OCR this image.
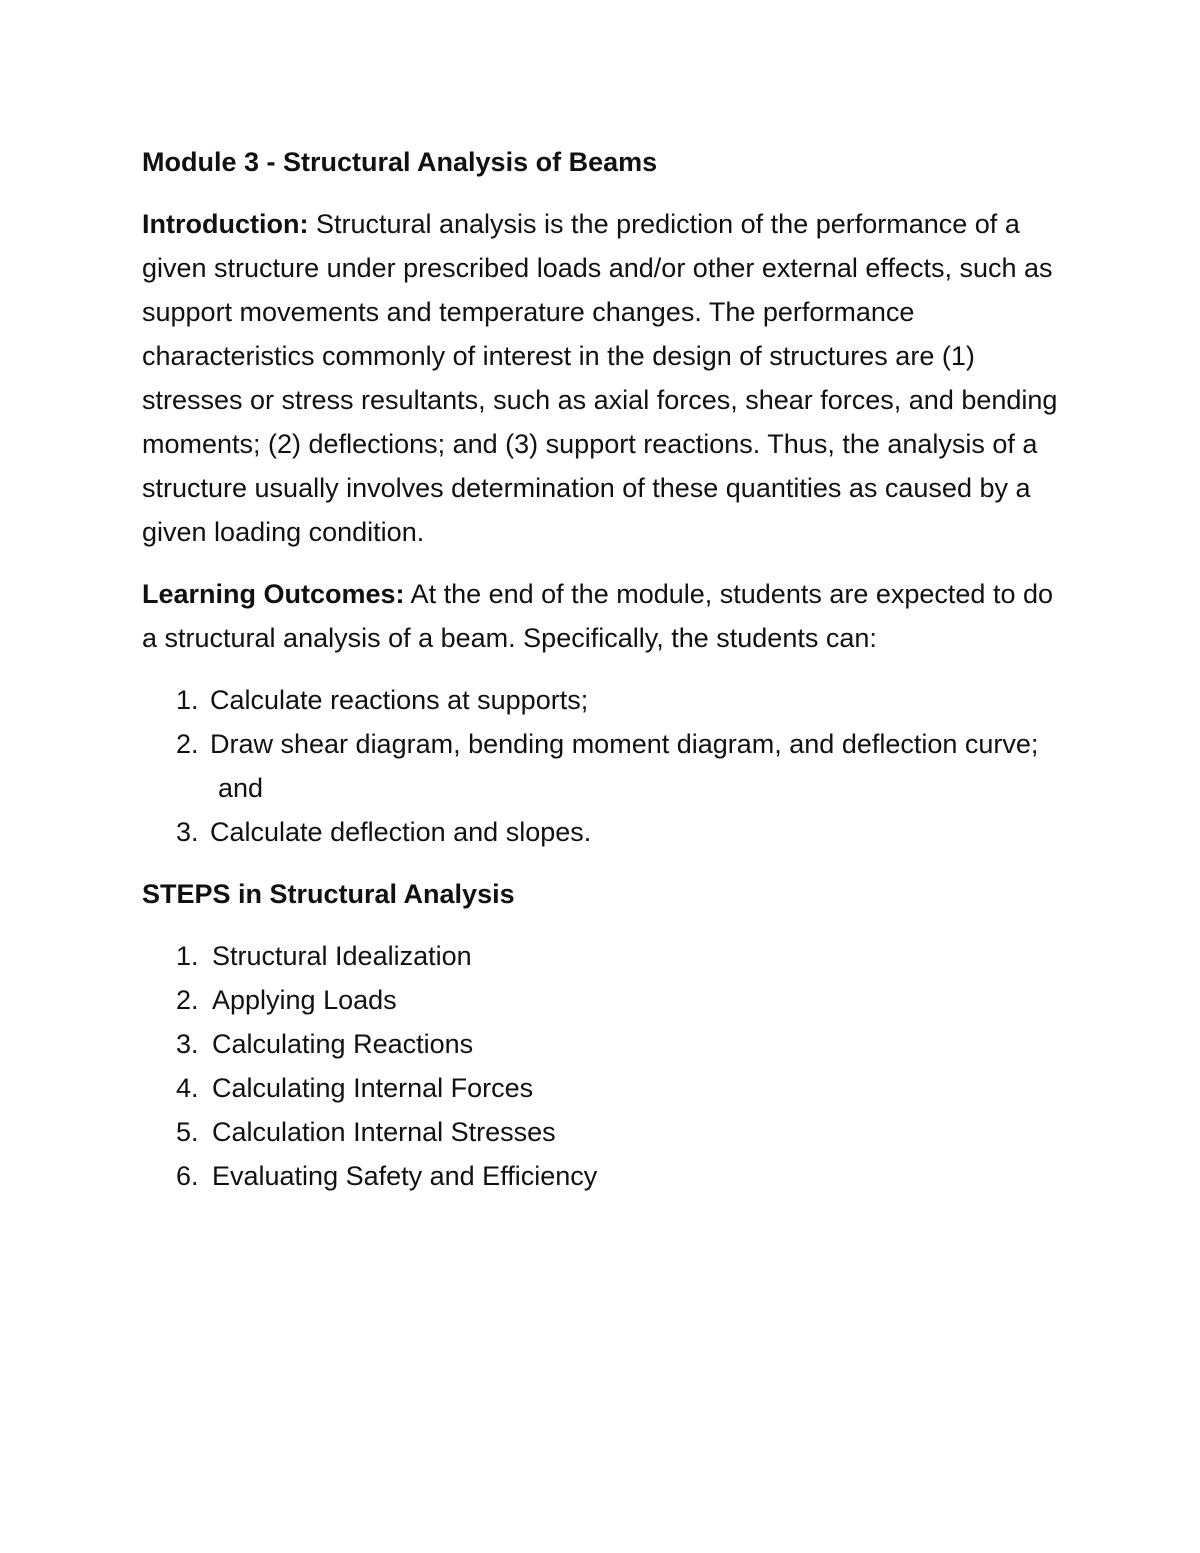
Module 3 - Structural Analysis of Beams

Introduction: Structural analysis is the prediction of the performance of a given structure under prescribed loads and/or other external effects, such as support movements and temperature changes. The performance characteristics commonly of interest in the design of structures are (1) stresses or stress resultants, such as axial forces, shear forces, and bending moments; (2) deflections; and (3) support reactions. Thus, the analysis of a structure usually involves determination of these quantities as caused by a given loading condition.

Learning Outcomes: At the end of the module, students are expected to do a structural analysis of a beam. Specifically, the students can:

1. Calculate reactions at supports;
2. Draw shear diagram, bending moment diagram, and deflection curve; and
3. Calculate deflection and slopes.
STEPS in Structural Analysis
1. Structural Idealization
2. Applying Loads
3. Calculating Reactions
4. Calculating Internal Forces
5. Calculation Internal Stresses
6. Evaluating Safety and Efficiency
